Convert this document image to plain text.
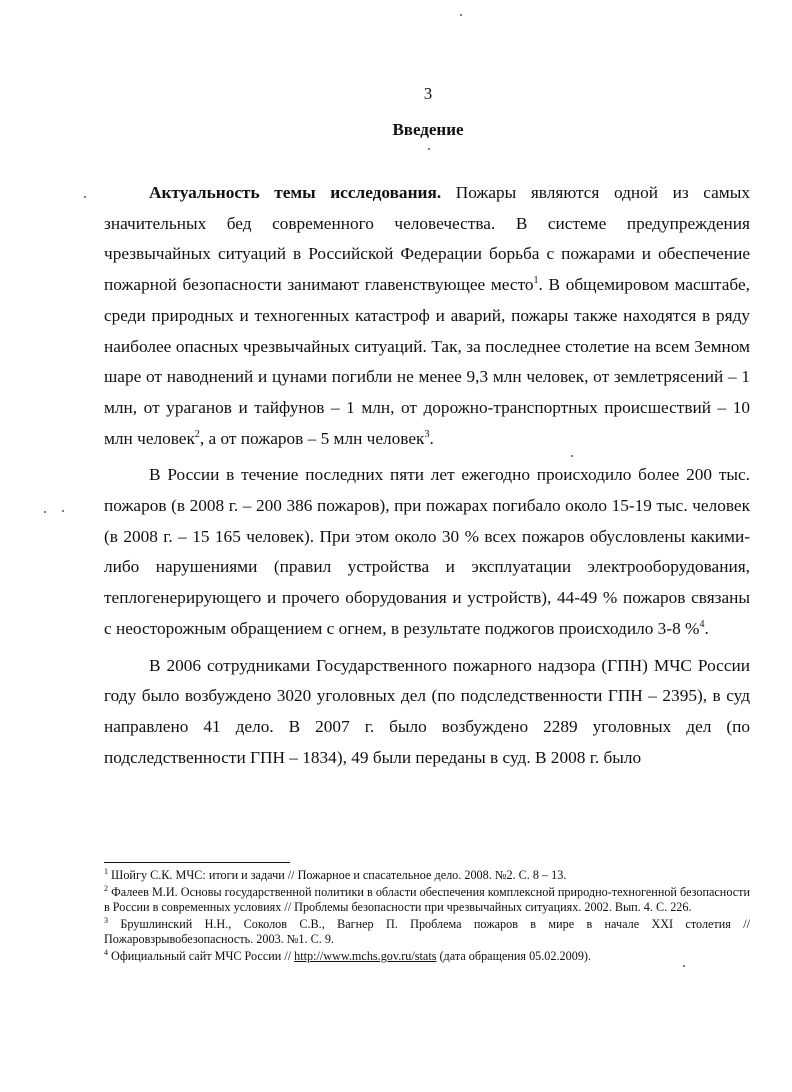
3
Введение

Актуальность темы исследования. Пожары являются одной из самых значительных бед современного человечества. В системе предупреждения чрезвычайных ситуаций в Российской Федерации борьба с пожарами и обеспечение пожарной безопасности занимают главенствующее место$^1$. В общемировом масштабе, среди природных и техногенных катастроф и аварий, пожары также находятся в ряду наиболее опасных чрезвычайных ситуаций. Так, за последнее столетие на всем Земном шаре от наводнений и цунами погибли не менее 9,3 млн человек, от землетрясений – 1 млн, от ураганов и тайфунов – 1 млн, от дорожно-транспортных происшествий – 10 млн человек$^2$, а от пожаров – 5 млн человек$^3$.

В России в течение последних пяти лет ежегодно происходило более 200 тыс. пожаров (в 2008 г. – 200 386 пожаров), при пожарах погибало около 15-19 тыс. человек (в 2008 г. – 15 165 человек). При этом около 30 % всех пожаров обусловлены какими-либо нарушениями (правил устройства и эксплуатации электрооборудования, теплогенерирующего и прочего оборудования и устройств), 44-49 % пожаров связаны с неосторожным обращением с огнем, в результате поджогов происходило 3-8 %$^4$.

В 2006 сотрудниками Государственного пожарного надзора (ГПН) МЧС России году было возбуждено 3020 уголовных дел (по подследственности ГПН – 2395), в суд направлено 41 дело. В 2007 г. было возбуждено 2289 уголовных дел (по подследственности ГПН – 1834), 49 были переданы в суд. В 2008 г. было

$^1$ Шойгу С.К. МЧС: итоги и задачи // Пожарное и спасательное дело. 2008. №2. С. 8 – 13.

$^2$ Фалеев М.И. Основы государственной политики в области обеспечения комплексной природно-техногенной безопасности в России в современных условиях // Проблемы безопасности при чрезвычайных ситуациях. 2002. Вып. 4. С. 226.

$^3$ Брушлинский Н.Н., Соколов С.В., Вагнер П. Проблема пожаров в мире в начале XXI столетия // Пожаровзрывобезопасность. 2003. №1. С. 9.

$^4$ Официальный сайт МЧС России // http://www.mchs.gov.ru/stats (дата обращения 05.02.2009).
